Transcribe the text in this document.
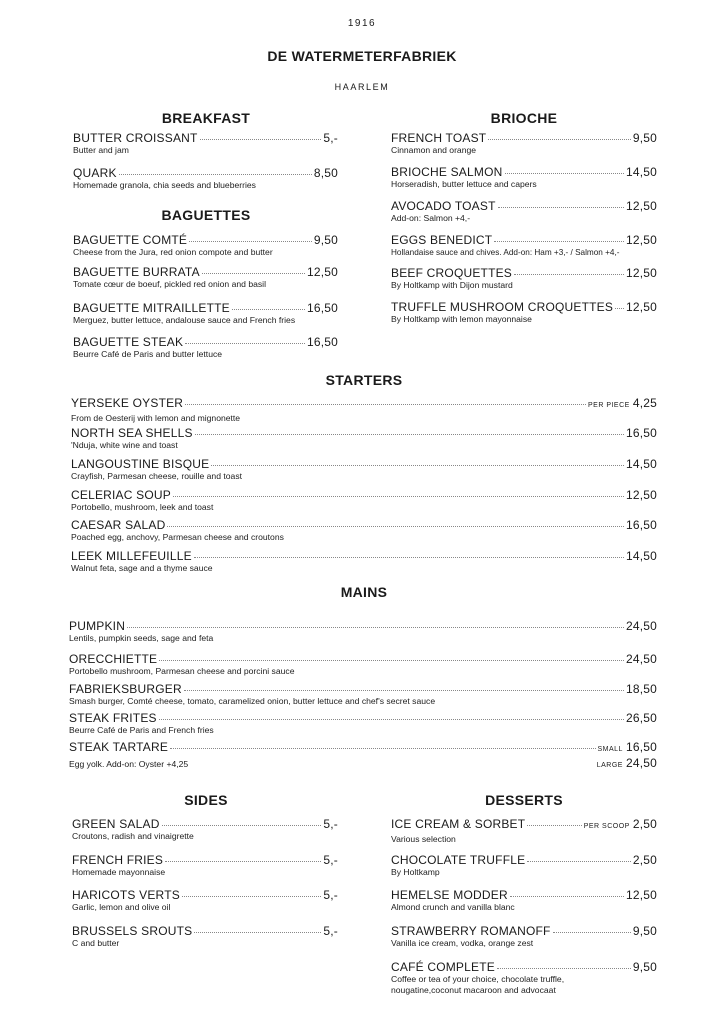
1916
DE WATERMETERFABRIEK
HAARLEM
BREAKFAST
BAGUETTES
BRIOCHE
STARTERS
MAINS
SIDES	DESSERTS
BUTTER CROISSANT	5,-
Butter and jam
QUARK	8,50
Homemade granola, chia seeds and blueberries
BAGUETTE COMTÉ	9,50
Cheese from the Jura, red onion compote and butter
BAGUETTE BURRATA	12,50
Tomate cœur de boeuf, pickled red onion and basil
BAGUETTE MITRAILLETTE	16,50
Merguez, butter lettuce, andalouse sauce and French fries
BAGUETTE STEAK	16,50
Beurre Café de Paris and butter lettuce
FRENCH TOAST	9,50
Cinnamon and orange
BRIOCHE SALMON	14,50
Horseradish, butter lettuce and capers
AVOCADO TOAST	12,50
Add-on: Salmon +4,-
EGGS BENEDICT	12,50
Hollandaise sauce and chives. Add-on: Ham +3,- / Salmon +4,-
BEEF CROQUETTES	12,50
By Holtkamp with Dijon mustard
TRUFFLE MUSHROOM CROQUETTES 12,50
By Holtkamp with lemon mayonnaise
YERSEKE OYSTER	PER PIECE 4,25
From de Oesterij with lemon and mignonette
NORTH SEA SHELLS	16,50
'Nduja, white wine and toast
LANGOUSTINE BISQUE	14,50
Crayfish, Parmesan cheese, rouille and toast
CELERIAC SOUP	12,50
Portobello, mushroom, leek and toast
CAESAR SALAD	16,50
Poached egg, anchovy, Parmesan cheese and croutons
LEEK MILLEFEUILLE	14,50
Walnut feta, sage and a thyme sauce
PUMPKIN	24,50
Lentils, pumpkin seeds, sage and feta
ORECCHIETTE	24,50
Portobello mushroom, Parmesan cheese and porcini sauce
FABRIEKSBURGER	18,50
Smash burger, Comté cheese, tomato, caramelized onion, butter lettuce and chef's secret sauce
STEAK FRITES	26,50
Beurre Café de Paris and French fries
STEAK TARTARE	SMALL 16,50
Egg yolk. Add-on: Oyster +4,25	LARGE 24,50
GREEN SALAD	5,-
Croutons, radish and vinaigrette
FRENCH FRIES	5,-
Homemade mayonnaise
HARICOTS VERTS	5,-
Garlic, lemon and olive oil
BRUSSELS SROUTS	5,-
C and butter
ICE CREAM & SORBET	PER SCOOP 2,50
Various selection
CHOCOLATE TRUFFLE	2,50
By Holtkamp
HEMELSE MODDER	12,50
Almond crunch and vanilla blanc
STRAWBERRY ROMANOFF	9,50
Vanilla ice cream, vodka, orange zest
CAFÉ COMPLETE	9,50
Coffee or tea of your choice, chocolate truffle, nougatine,coconut macaroon and advocaat
